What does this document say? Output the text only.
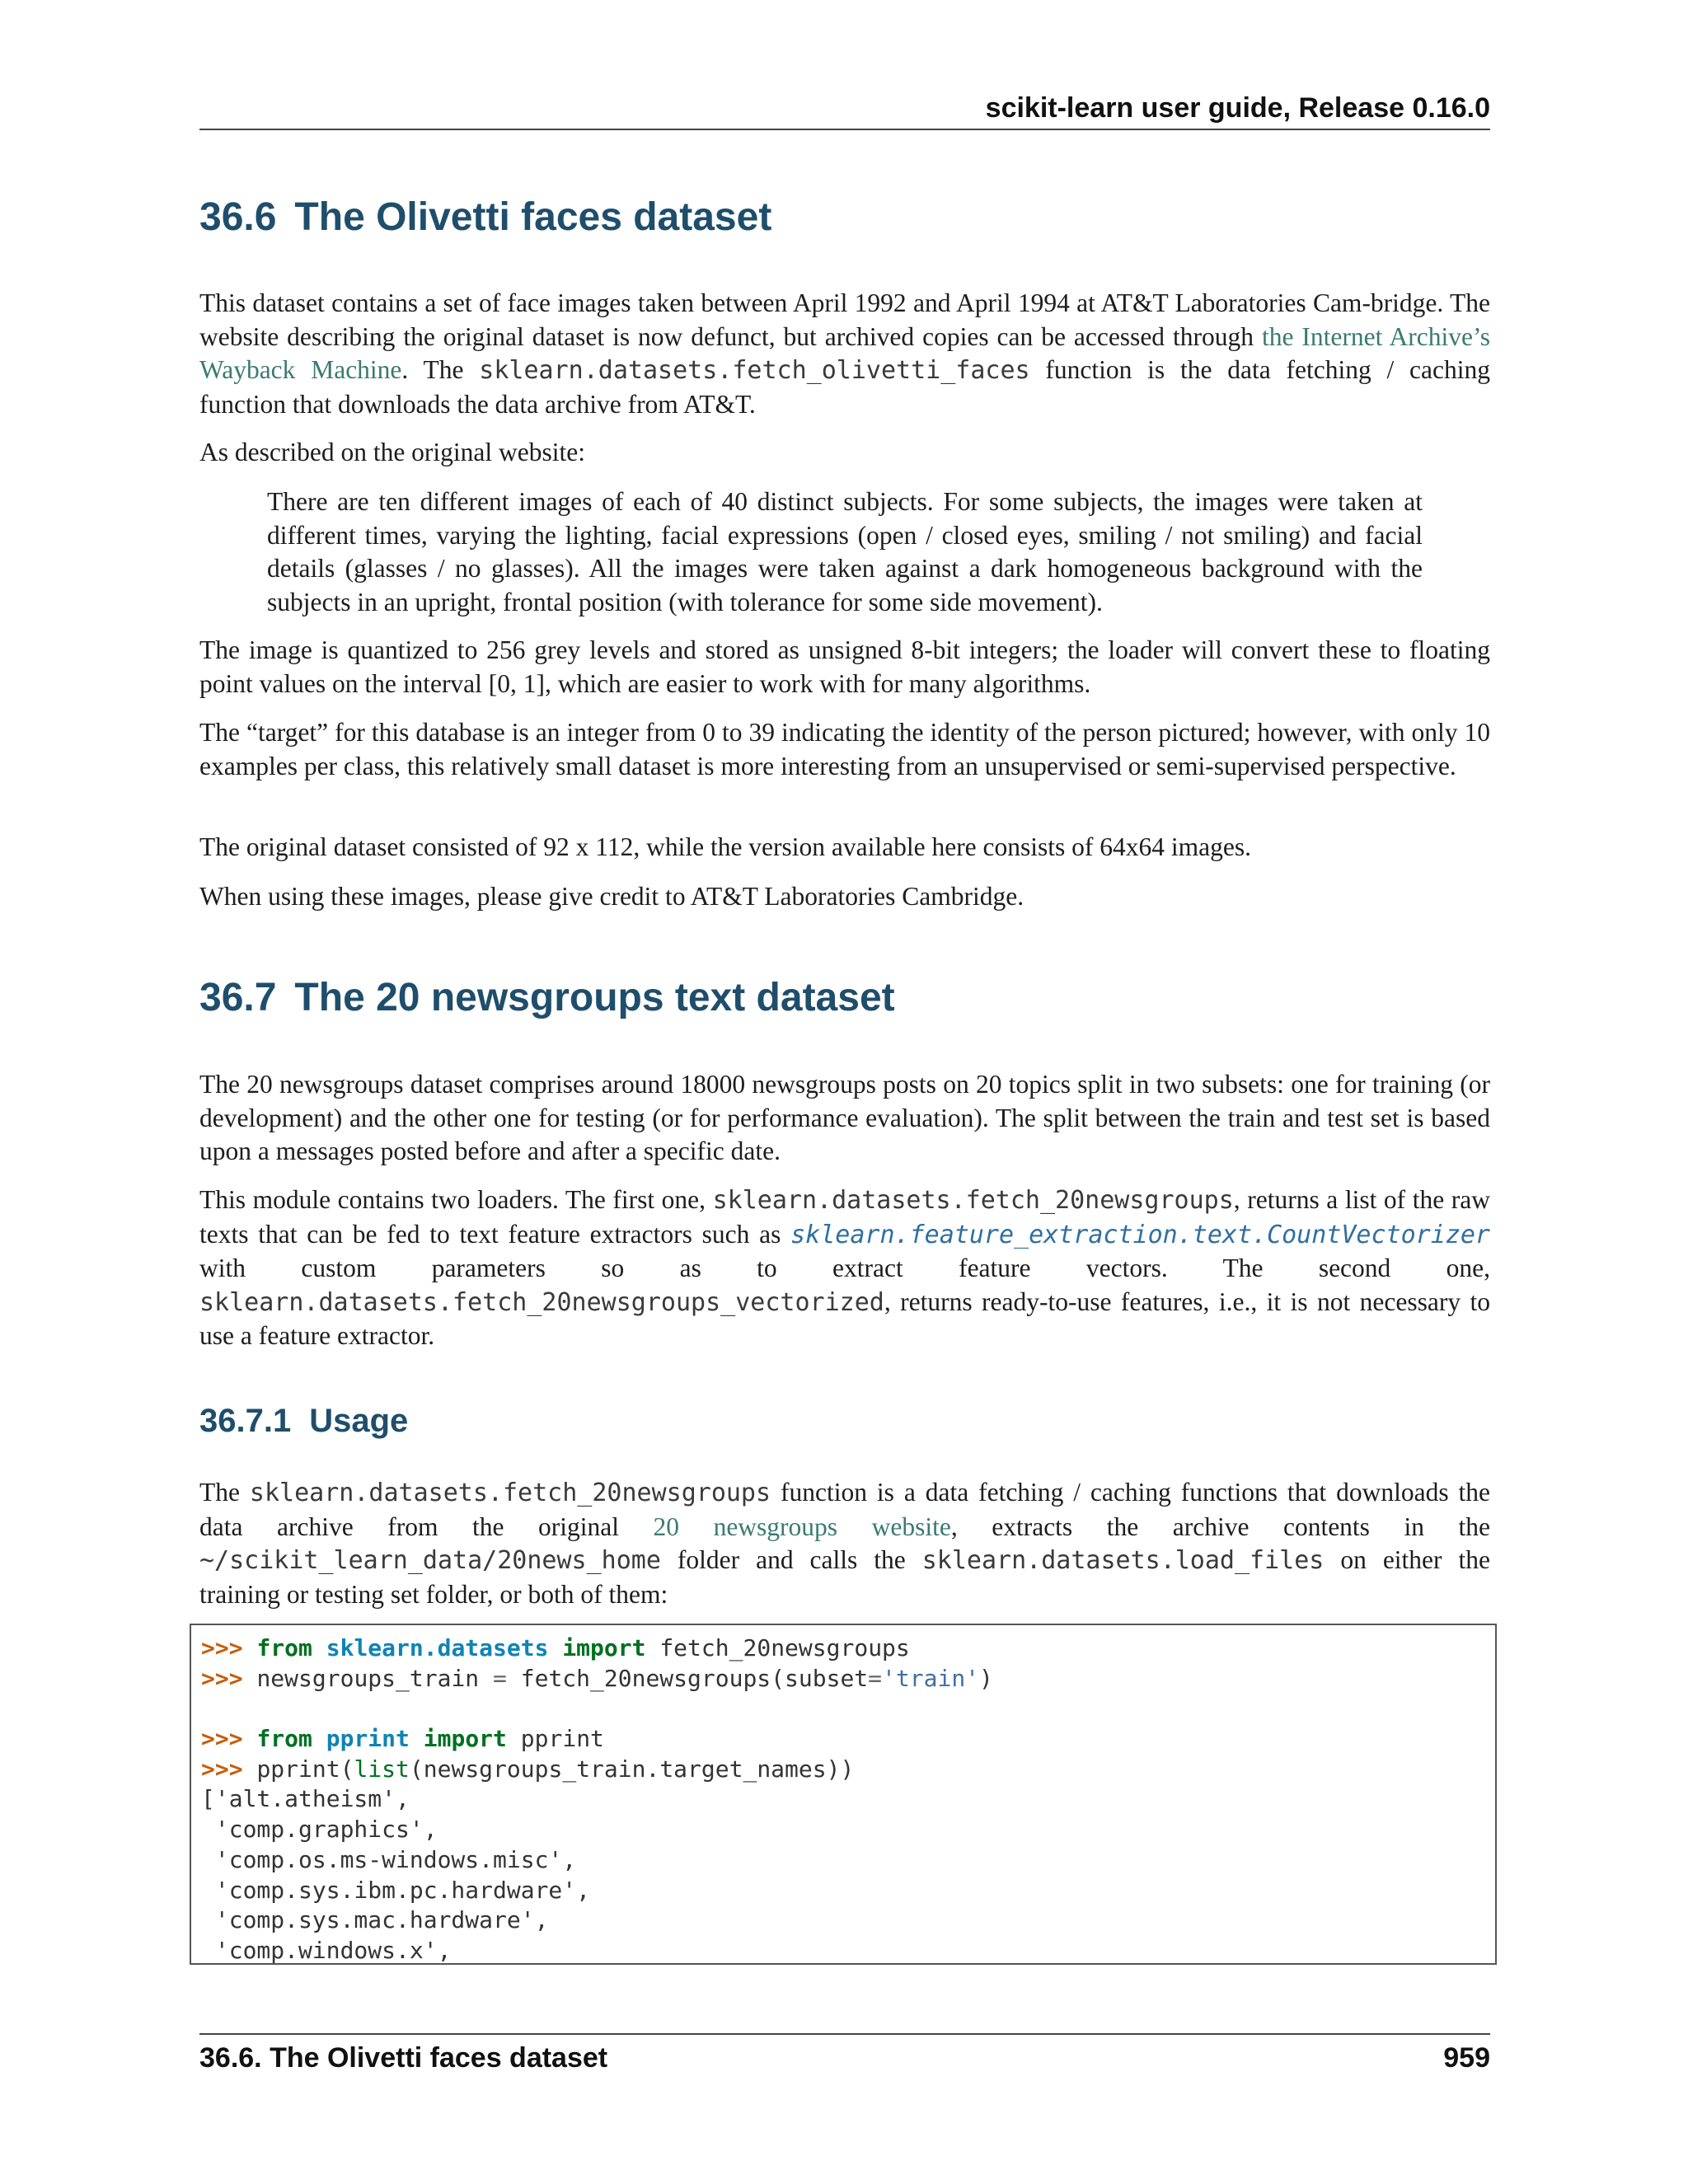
scikit-learn user guide, Release 0.16.0
36.6 The Olivetti faces dataset

This dataset contains a set of face images taken between April 1992 and April 1994 at AT&T Laboratories Cam-bridge. The website describing the original dataset is now defunct, but archived copies can be accessed through the Internet Archive’s Wayback Machine. The sklearn.datasets.fetch_olivetti_faces function is the data fetching / caching function that downloads the data archive from AT&T.

As described on the original website:

There are ten different images of each of 40 distinct subjects. For some subjects, the images were taken at different times, varying the lighting, facial expressions (open / closed eyes, smiling / not smiling) and facial details (glasses / no glasses). All the images were taken against a dark homogeneous background with the subjects in an upright, frontal position (with tolerance for some side movement).

The image is quantized to 256 grey levels and stored as unsigned 8-bit integers; the loader will convert these to floating point values on the interval [0, 1], which are easier to work with for many algorithms.

The “target” for this database is an integer from 0 to 39 indicating the identity of the person pictured; however, with only 10 examples per class, this relatively small dataset is more interesting from an unsupervised or semi-supervised perspective.

The original dataset consisted of 92 x 112, while the version available here consists of 64x64 images.

When using these images, please give credit to AT&T Laboratories Cambridge.

36.7 The 20 newsgroups text dataset

The 20 newsgroups dataset comprises around 18000 newsgroups posts on 20 topics split in two subsets: one for training (or development) and the other one for testing (or for performance evaluation). The split between the train and test set is based upon a messages posted before and after a specific date.

This module contains two loaders. The first one, sklearn.datasets.fetch_20newsgroups, returns a list of the raw texts that can be fed to text feature extractors such as sklearn.feature_extraction.text.CountVectorizer with custom parameters so as to extract feature vectors. The second one, sklearn.datasets.fetch_20newsgroups_vectorized, returns ready-to-use features, i.e., it is not necessary to use a feature extractor.

36.7.1 Usage

The sklearn.datasets.fetch_20newsgroups function is a data fetching / caching functions that downloads the data archive from the original 20 newsgroups website, extracts the archive contents in the ~/scikit_learn_data/20news_home folder and calls the sklearn.datasets.load_files on either the training or testing set folder, or both of them:

>>> from sklearn.datasets import fetch_20newsgroups
>>> newsgroups_train = fetch_20newsgroups(subset='train')
>>> from pprint import pprint
>>> pprint(list(newsgroups_train.target_names))
['alt.atheism',
'comp.graphics',
'comp.os.ms-windows.misc',
'comp.sys.ibm.pc.hardware',
'comp.sys.mac.hardware',
'comp.windows.x',
36.6. The Olivetti faces dataset	959
